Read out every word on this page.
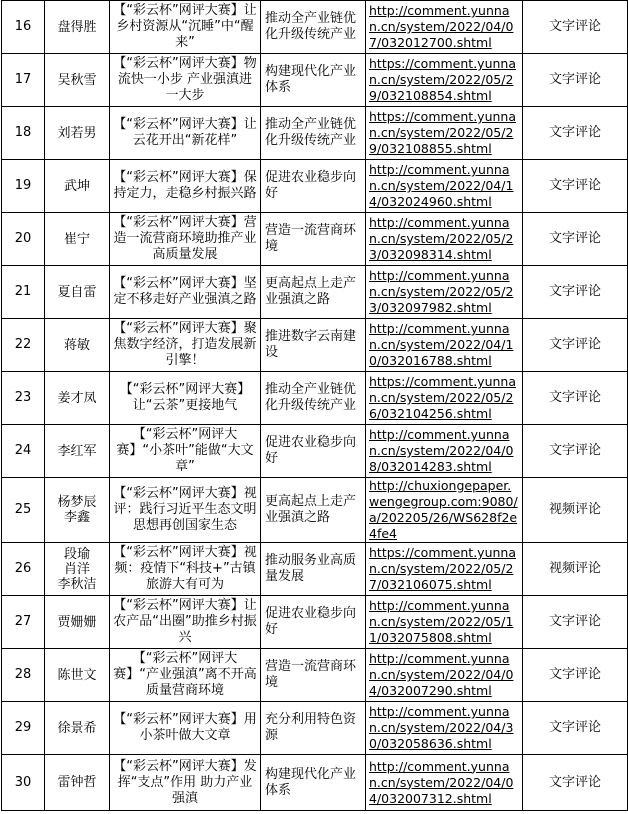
16	盘得胜	【“彩云杯”网评大赛】让乡村资源从“沉睡”中“醒来”	推动全产业链优化升级传统产业	http://comment.yunnan.cn/system/2022/04/07/032012700.shtml	文字评论
17	吴秋雪	【“彩云杯”网评大赛】物流快一小步 产业强滇进一大步	构建现代化产业体系	https://comment.yunnan.cn/system/2022/05/29/032108854.shtml	文字评论
18	刘若男	【“彩云杯”网评大赛】让云花开出“新花样”	推动全产业链优化升级传统产业	https://comment.yunnan.cn/system/2022/05/29/032108855.shtml	文字评论
19	武坤	【“彩云杯”网评大赛】保持定力，走稳乡村振兴路	促进农业稳步向好	http://comment.yunnan.cn/system/2022/04/14/032024960.shtml	文字评论
20	崔宁	【“彩云杯”网评大赛】营造一流营商环境助推产业高质量发展	营造一流营商环境	http://comment.yunnan.cn/system/2022/05/23/032098314.shtml	文字评论
21	夏自雷	【“彩云杯”网评大赛】坚定不移走好产业强滇之路	更高起点上走产业强滇之路	http://comment.yunnan.cn/system/2022/05/23/032097982.shtml	文字评论
22	蒋敏	【“彩云杯”网评大赛】聚焦数字经济，打造发展新引擎！	推进数字云南建设	http://comment.yunnan.cn/system/2022/04/10/032016788.shtml	文字评论
23	姜才凤	【“彩云杯”网评大赛】让“云茶”更接地气	推动全产业链优化升级传统产业	https://comment.yunnan.cn/system/2022/05/26/032104256.shtml	文字评论
24	李红军	【“彩云杯”网评大赛】“小茶叶”能做“大文章”	促进农业稳步向好	http://comment.yunnan.cn/system/2022/04/08/032014283.shtml	文字评论
25	杨梦辰
李鑫	【“彩云杯”网评大赛】视评：践行习近平生态文明思想再创国家生态	更高起点上走产业强滇之路	http://chuxiongepaper.wengegroup.com:9080/a/202205/26/WS628f2e4fe4	视频评论
26	段瑜
肖洋
李秋洁	【“彩云杯”网评大赛】视频：疫情下“科技+”古镇旅游大有可为	推动服务业高质量发展	https://comment.yunnan.cn/system/2022/05/27/032106075.shtml	视频评论
27	贾姗姗	【“彩云杯”网评大赛】让农产品“出圈”助推乡村振兴	促进农业稳步向好	http://comment.yunnan.cn/system/2022/05/11/032075808.shtml	文字评论
28	陈世文	【“彩云杯”网评大赛】“产业强滇”离不开高质量营商环境	营造一流营商环境	http://comment.yunnan.cn/system/2022/04/04/032007290.shtml	文字评论
29	徐景希	【“彩云杯”网评大赛】用小茶叶做大文章	充分利用特色资源	http://comment.yunnan.cn/system/2022/04/30/032058636.shtml	文字评论
30	雷钟哲	【“彩云杯”网评大赛】发挥“支点”作用 助力产业强滇	构建现代化产业体系	http://comment.yunnan.cn/system/2022/04/04/032007312.shtml	文字评论
